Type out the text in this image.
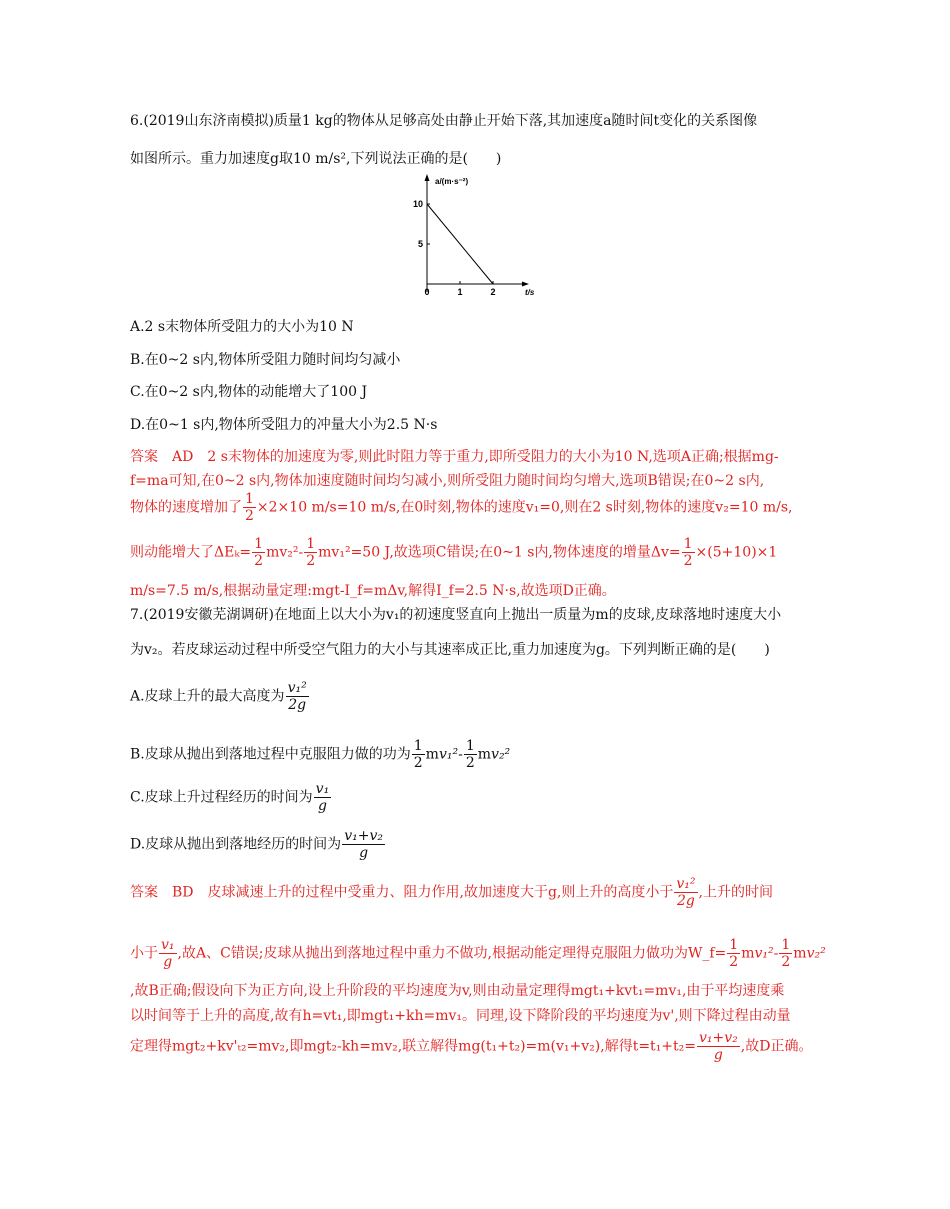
6.(2019山东济南模拟)质量1 kg的物体从足够高处由静止开始下落,其加速度a随时间t变化的关系图像
如图所示。重力加速度g取10 m/s²,下列说法正确的是(　　)
a/(m·s⁻²)
t/s
0	1	2
5
10
A.2 s末物体所受阻力的大小为10 N
B.在0~2 s内,物体所受阻力随时间均匀减小
C.在0~2 s内,物体的动能增大了100 J
D.在0~1 s内,物体所受阻力的冲量大小为2.5 N·s
答案　AD　2 s末物体的加速度为零,则此时阻力等于重力,即所受阻力的大小为10 N,选项A正确;根据mg-
f=ma可知,在0~2 s内,物体加速度随时间均匀减小,则所受阻力随时间均匀增大,选项B错误;在0~2 s内,
物体的速度增加了 $\frac{1}{2} \times 2\times 10$ m/s=10 m/s,在0时刻,物体的速度v₁=0,则在2 s时刻,物体的速度v₂=10 m/s,
则动能增大了$\Delta E_k= \frac{1}{2} mv_2^2- \frac{1}{2} mv_1^2=50$ J,故选项C错误;在0~1 s内,物体速度的增量$\Delta v= \frac{1}{2} \times(5+10)\times 1$
m/s=7.5 m/s,根据动量定理:mgt-I_f=mΔv,解得I_f=2.5 N·s,故选项D正确。
7.(2019安徽芜湖调研)在地面上以大小为v₁的初速度竖直向上抛出一质量为m的皮球,皮球落地时速度大小
为v₂。若皮球运动过程中所受空气阻力的大小与其速率成正比,重力加速度为g。下列判断正确的是(　　)
A.皮球上升的最大高度为 $\frac{\text{v₁²}}{2g}$
B.皮球从抛出到落地过程中克服阻力做的功为 $\frac{1}{2} mv_1^2- \frac{1}{2} mv_2^2$
C.皮球上升过程经历的时间为 $\frac{\text{v₁}}{g}$
D.皮球从抛出到落地经历的时间为 $\frac{\text{v₁+v₂}}{g}$
答案　BD　皮球减速上升的过程中受重力、阻力作用,故加速度大于g,则上升的高度小于 $\frac{\text{v₁²}}{2g}$ ,上升的时间
小于 $\frac{\text{v₁}}{g}$ ,故A、C错误;皮球从抛出到落地过程中重力不做功,根据动能定理得克服阻力做功为W_f= $\frac{1}{2} mv_1^2- \frac{1}{2} mv_2^2$
,故B正确;假设向下为正方向,设上升阶段的平均速度为v,则由动量定理得mgt₁+kvt₁=mv₁,由于平均速度乘
以时间等于上升的高度,故有h=vt₁,即mgt₁+kh=mv₁。同理,设下降阶段的平均速度为v',则下降过程由动量
定理得mgt₂+kv'ₜ₂=mv₂,即mgt₂-kh=mv₂,联立解得mg(t₁+t₂)=m(v₁+v₂),解得$t=t_1+t_2= \frac{\text{v₁+v₂}}{g}$ ,故D正确。
